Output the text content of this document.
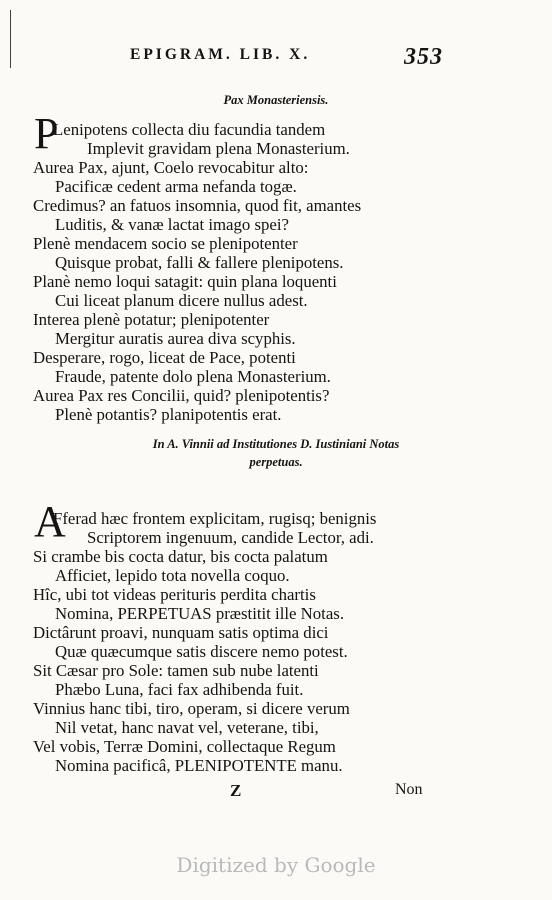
EPIGRAM. LIB. X.	353
Pax Monasteriensis.
P
Lenipotens collecta diu facundia tandem
Implevit gravidam plena Monasterium.
Aurea Pax, ajunt, Coelo revocabitur alto:
Pacificæ cedent arma nefanda togæ.
Credimus? an fatuos insomnia, quod fit, amantes
Luditis, & vanæ lactat imago spei?
Plenè mendacem socio se plenipotenter
Quisque probat, falli & fallere plenipotens.
Planè nemo loqui satagit: quin plana loquenti
Cui liceat planum dicere nullus adest.
Interea plenè potatur; plenipotenter
Mergitur auratis aurea diva scyphis.
Desperare, rogo, liceat de Pace, potenti
Fraude, patente dolo plena Monasterium.
Aurea Pax res Concilii, quid? plenipotentis?
Plenè potantis? planipotentis erat.
In A. Vinnii ad Institutiones D. Iustiniani Notas
perpetuas.
A
Fferad hæc frontem explicitam, rugisq; benignis
Scriptorem ingenuum, candide Lector, adi.
Si crambe bis cocta datur, bis cocta palatum
Afficiet, lepido tota novella coquo.
Hîc, ubi tot videas perituris perdita chartis
Nomina, PERPETUAS præstitit ille Notas.
Dictârunt proavi, nunquam satis optima dici
Quæ quæcumque satis discere nemo potest.
Sit Cæsar pro Sole: tamen sub nube latenti
Phæbo Luna, faci fax adhibenda fuit.
Vinnius hanc tibi, tiro, operam, si dicere verum
Nil vetat, hanc navat vel, veterane, tibi,
Vel vobis, Terræ Domini, collectaque Regum
Nomina pacificâ, PLENIPOTENTE manu.
Z	Non
Digitized by Google
